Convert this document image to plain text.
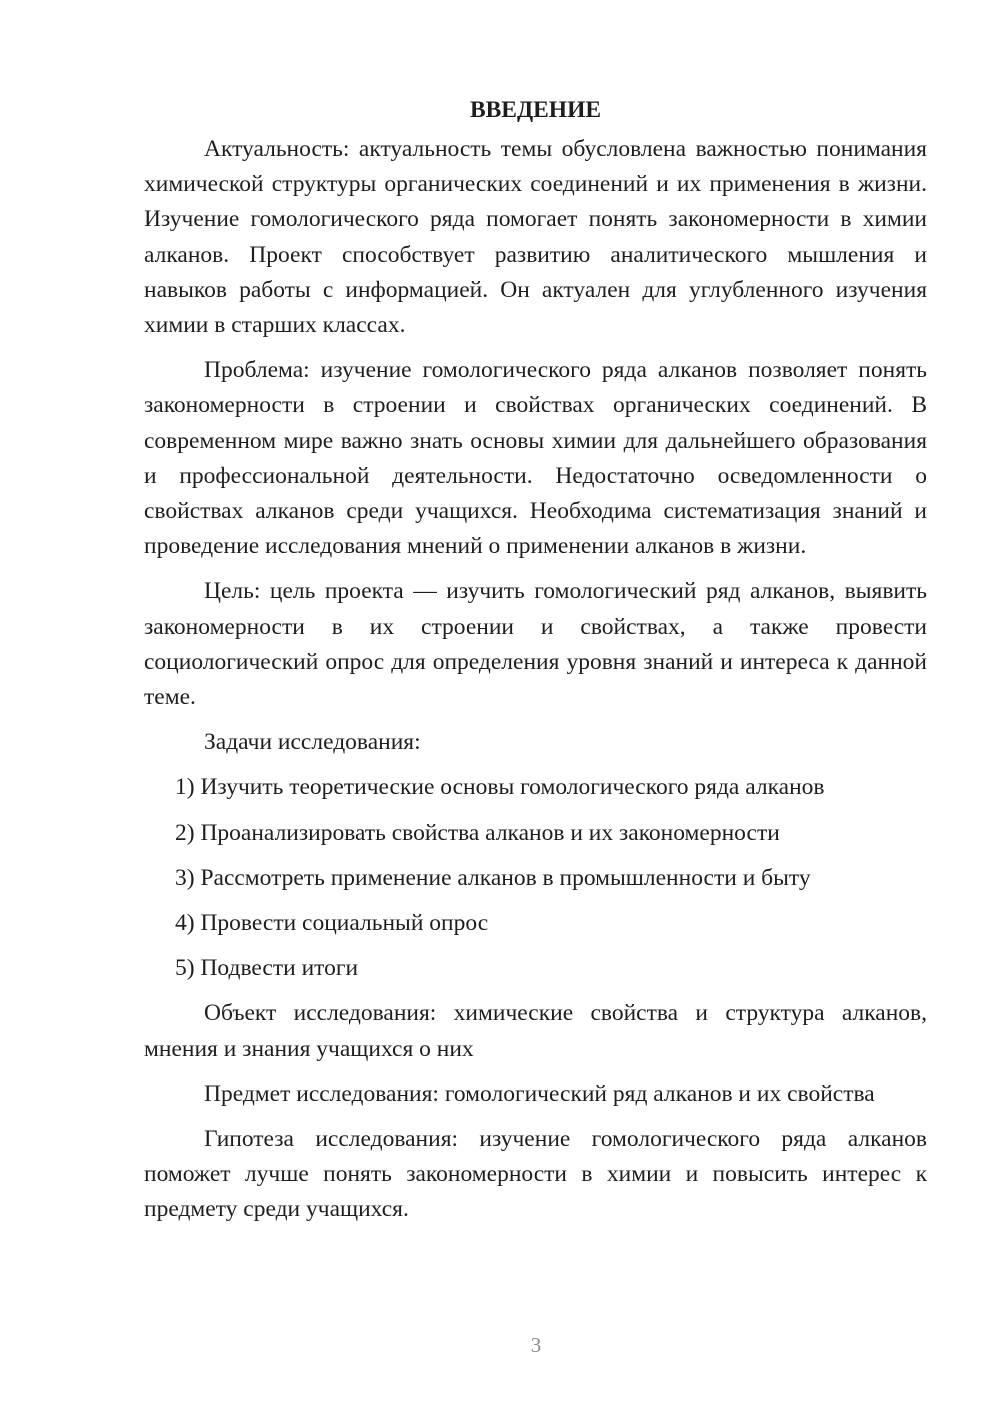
ВВЕДЕНИЕ

Актуальность: актуальность темы обусловлена важностью понимания химической структуры органических соединений и их применения в жизни. Изучение гомологического ряда помогает понять закономерности в химии алканов. Проект способствует развитию аналитического мышления и навыков работы с информацией. Он актуален для углубленного изучения химии в старших классах.

Проблема: изучение гомологического ряда алканов позволяет понять закономерности в строении и свойствах органических соединений. В современном мире важно знать основы химии для дальнейшего образования и профессиональной деятельности. Недостаточно осведомленности о свойствах алканов среди учащихся. Необходима систематизация знаний и проведение исследования мнений о применении алканов в жизни.

Цель: цель проекта — изучить гомологический ряд алканов, выявить закономерности в их строении и свойствах, а также провести социологический опрос для определения уровня знаний и интереса к данной теме.

Задачи исследования:

1) Изучить теоретические основы гомологического ряда алканов
2) Проанализировать свойства алканов и их закономерности
3) Рассмотреть применение алканов в промышленности и быту
4) Провести социальный опрос
5) Подвести итоги

Объект исследования: химические свойства и структура алканов, мнения и знания учащихся о них

Предмет исследования: гомологический ряд алканов и их свойства

Гипотеза исследования: изучение гомологического ряда алканов поможет лучше понять закономерности в химии и повысить интерес к предмету среди учащихся.

3
